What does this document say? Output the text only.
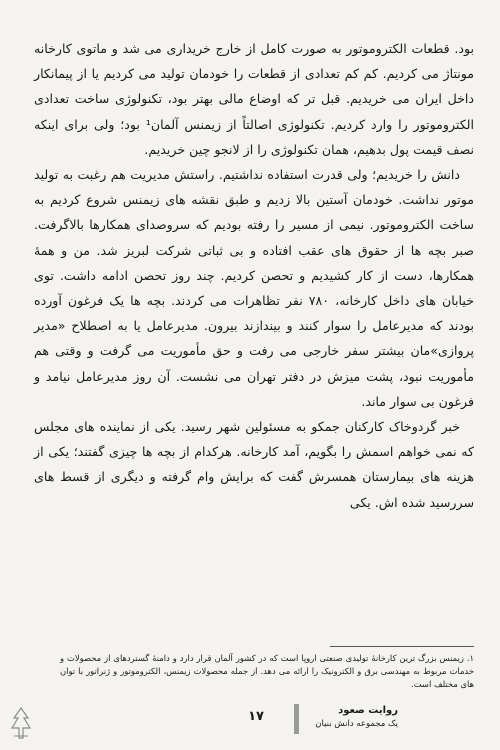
بود. قطعات الکتروموتور به صورت کامل از خارج خریداری می شد و ماتوی کارخانه مونتاژ می کردیم. کم کم تعدادی از قطعات را خودمان تولید می کردیم یا از پیمانکار داخل ایران می خریدیم. قبل تر که اوضاع مالی بهتر بود، تکنولوژی ساخت تعدادی الکتروموتور را وارد کردیم. تکنولوژی اصالتاً از زیمنس آلمان¹ بود؛ ولی برای اینکه نصف قیمت پول بدهیم، همان تکنولوژی را از لانجو چین خریدیم.

دانش را خریدیم؛ ولی قدرت استفاده نداشتیم. راستش مدیریت هم رغبت به تولید موتور نداشت. خودمان آستین بالا زدیم و طبق نقشه های زیمنس شروع کردیم به ساخت الکتروموتور. نیمی از مسیر را رفته بودیم که سروصدای همکارها بالاگرفت. صبر بچه ها از حقوق های عقب افتاده و بی ثباتی شرکت لبریز شد. من و همهٔ همکارها، دست از کار کشیدیم و تحصن کردیم. چند روز تحصن ادامه داشت. توی خیابان های داخل کارخانه، ۷۸۰ نفر تظاهرات می کردند. بچه ها یک فرغون آورده بودند که مدیرعامل را سوار کنند و بیندازند بیرون. مدیرعامل یا به اصطلاح «مدیر پروازی»مان بیشتر سفر خارجی می رفت و حق مأموریت می گرفت و وقتی هم مأموریت نبود، پشت میزش در دفتر تهران می نشست. آن روز مدیرعامل نیامد و فرغون بی سوار ماند.

خبر گردوخاک کارکنان جمکو به مسئولین شهر رسید. یکی از نماینده های مجلس که نمی خواهم اسمش را بگویم، آمد کارخانه. هرکدام از بچه ها چیزی گفتند؛ یکی از هزینه های بیمارستان همسرش گفت که برایش وام گرفته و دیگری از قسط های سررسید شده اش. یکی

۱. زیمنس بزرگ ترین کارخانهٔ تولیدی صنعتی اروپا است که در کشور آلمان قرار دارد و دامنهٔ گستردهای از محصولات و خدمات مربوط به مهندسی برق و الکترونیک را ارائه می دهد. از جمله محصولات زیمنس، الکتروموتور و ژنراتور با توان های مختلف است.
۱۷	روایت صعود
یک مجموعه دانش بنیان
